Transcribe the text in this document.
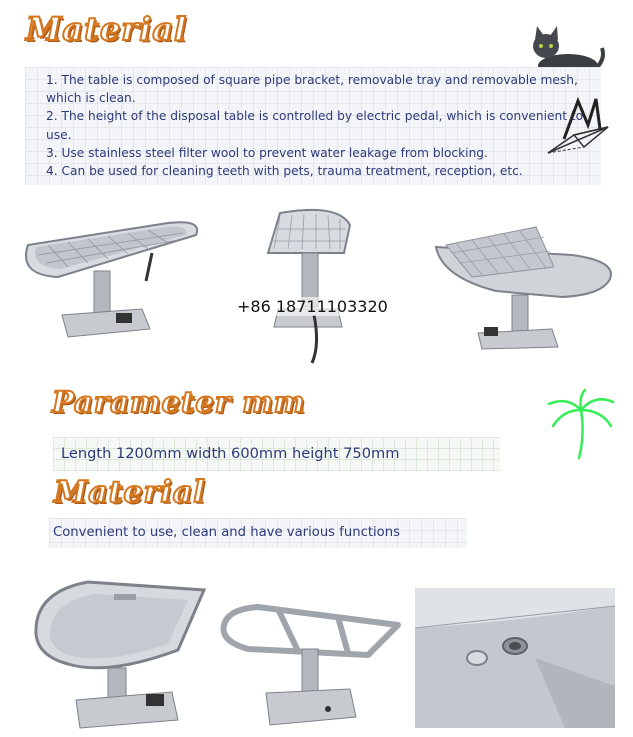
Material

1. The table is composed of square pipe bracket, removable tray and removable mesh, which is clean.

2. The height of the disposal table is controlled by electric pedal, which is convenient to use.

3. Use stainless steel filter wool to prevent water leakage from blocking.

4. Can be used for cleaning teeth with pets, trauma treatment, reception, etc.

+86 18711103320
Parameter mm
Length 1200mm width 600mm height 750mm
Material
Convenient to use, clean and have various functions
